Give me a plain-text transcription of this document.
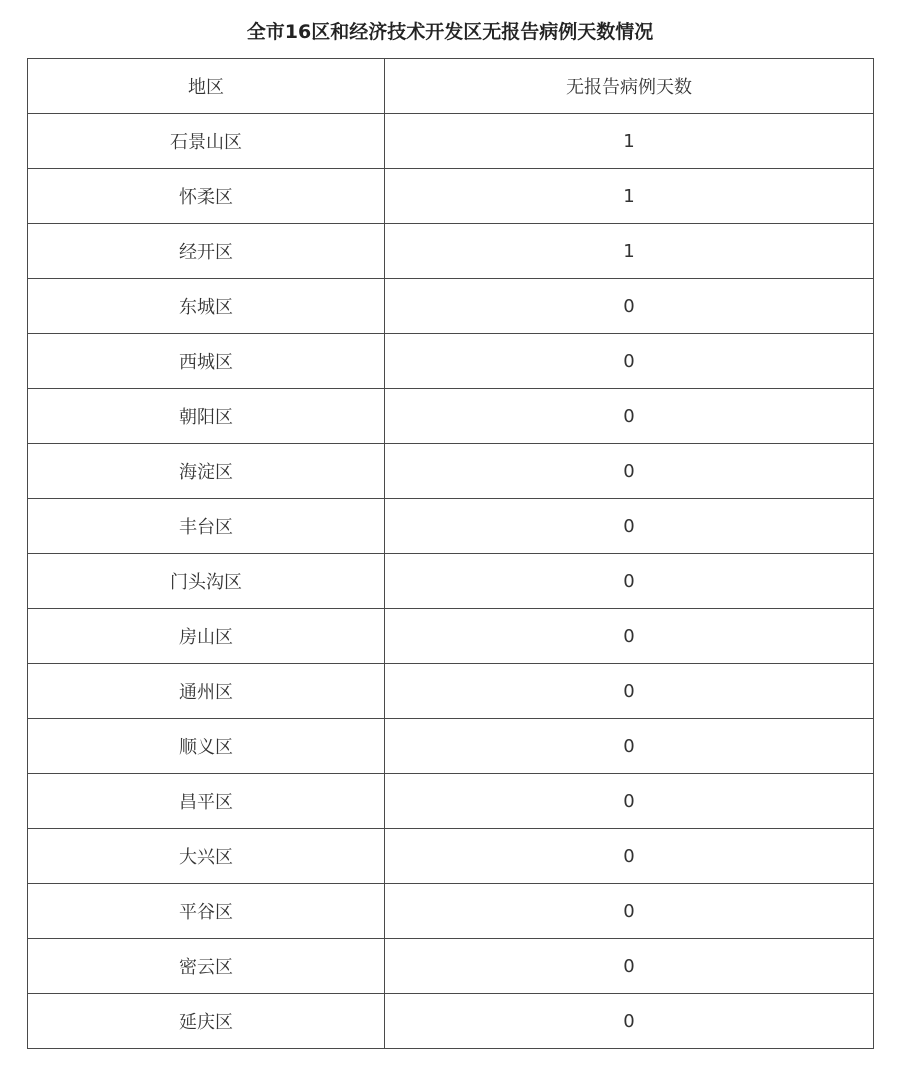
全市16区和经济技术开发区无报告病例天数情况
地区	无报告病例天数
石景山区	1
怀柔区	1
经开区	1
东城区	0
西城区	0
朝阳区	0
海淀区	0
丰台区	0
门头沟区	0
房山区	0
通州区	0
顺义区	0
昌平区	0
大兴区	0
平谷区	0
密云区	0
延庆区	0
